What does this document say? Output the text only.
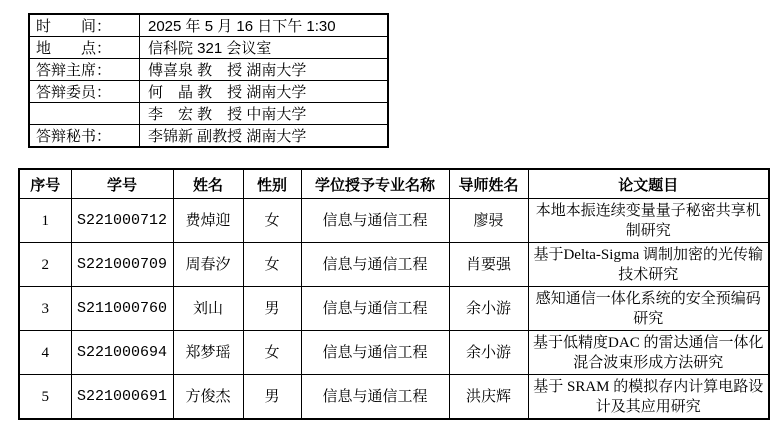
时　　间：	2025 年 5 月 16 日下午 1:30
地　　点：	信科院 321 会议室
答辩主席：	傅喜泉 教　授 湖南大学
答辩委员：	何　晶 教　授 湖南大学
	李　宏 教　授 中南大学
答辩秘书：	李锦新 副教授 湖南大学
序号	学号	姓名	性别	学位授予专业名称	导师姓名	论文题目
1	S221000712	费焯迎	女	信息与通信工程	廖骎	本地本振连续变量量子秘密共享机制研究
2	S221000709	周春汐	女	信息与通信工程	肖要强	基于Delta-Sigma 调制加密的光传输技术研究
3	S211000760	刘山	男	信息与通信工程	余小游	感知通信一体化系统的安全预编码研究
4	S221000694	郑梦瑶	女	信息与通信工程	余小游	基于低精度DAC 的雷达通信一体化混合波束形成方法研究
5	S221000691	方俊杰	男	信息与通信工程	洪庆辉	基于 SRAM 的模拟存内计算电路设计及其应用研究
